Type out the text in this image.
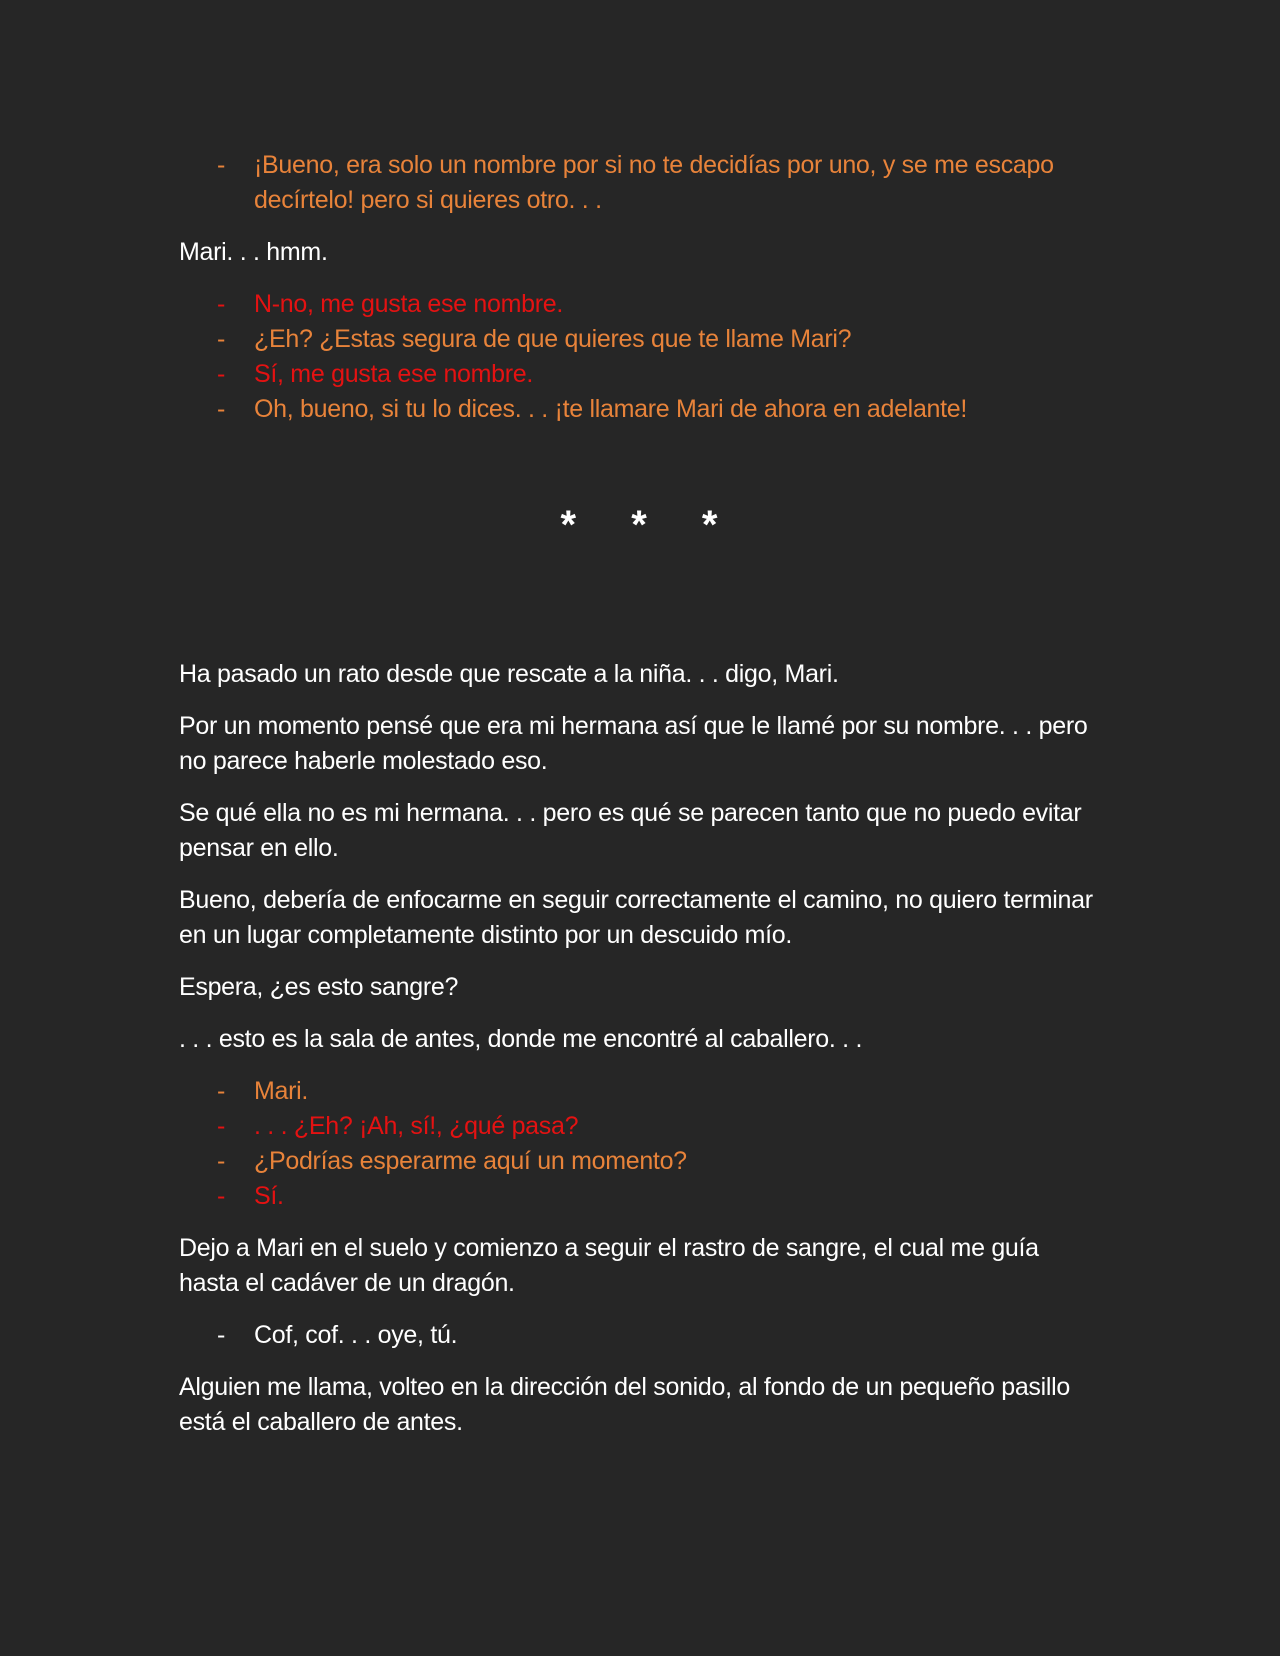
- ¡Bueno, era solo un nombre por si no te decidías por uno, y se me escapo decírtelo! pero si quieres otro. . .

Mari. . . hmm.

- N-no, me gusta ese nombre.
- ¿Eh? ¿Estas segura de que quieres que te llame Mari?
- Sí, me gusta ese nombre.
- Oh, bueno, si tu lo dices. . . ¡te llamare Mari de ahora en adelante!
* * *

Ha pasado un rato desde que rescate a la niña. . . digo, Mari.

Por un momento pensé que era mi hermana así que le llamé por su nombre. . . pero no parece haberle molestado eso.

Se qué ella no es mi hermana. . . pero es qué se parecen tanto que no puedo evitar pensar en ello.

Bueno, debería de enfocarme en seguir correctamente el camino, no quiero terminar en un lugar completamente distinto por un descuido mío.

Espera, ¿es esto sangre?

. . . esto es la sala de antes, donde me encontré al caballero. . .

- Mari.
- . . . ¿Eh? ¡Ah, sí!, ¿qué pasa?
- ¿Podrías esperarme aquí un momento?
- Sí.

Dejo a Mari en el suelo y comienzo a seguir el rastro de sangre, el cual me guía hasta el cadáver de un dragón.

- Cof, cof. . . oye, tú.

Alguien me llama, volteo en la dirección del sonido, al fondo de un pequeño pasillo está el caballero de antes.
